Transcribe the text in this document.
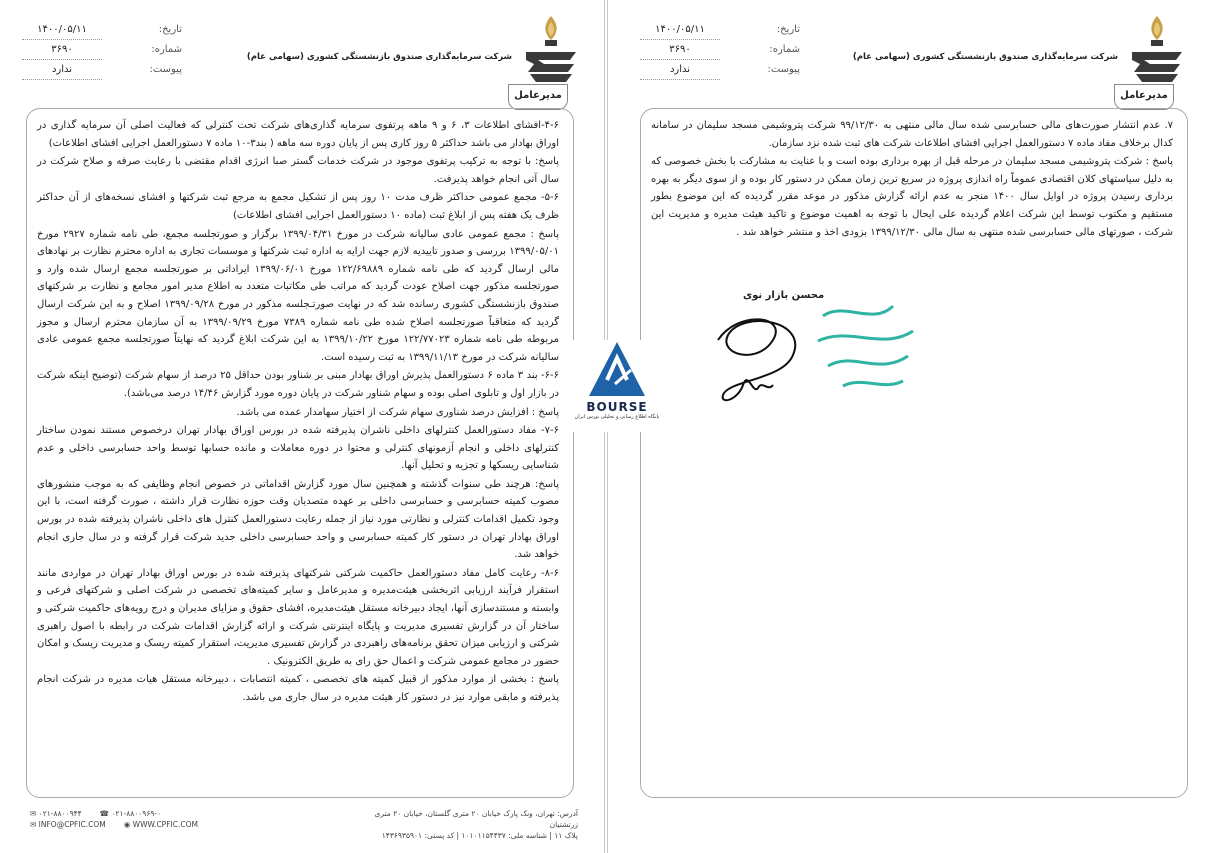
۱۴۰۰/۰۵/۱۱	تاریخ:
۳۶۹۰	شماره:
ندارد	پیوست:
شرکت سرمایه‌گذاری صندوق بازنشستگی کشوری (سهامی عام)
مدیرعامل

۴-۶-افشای اطلاعات ۳، ۶ و ۹ ماهه پرتفوی سرمایه گذاری‌های شرکت تحت کنترلی که فعالیت اصلی آن سرمایه گذاری در اوراق بهادار می باشد حداکثر ۵ روز کاری پس از پایان دوره سه ماهه ( بند۳-۱۰ ماده ۷ دستورالعمل اجرایی افشای اطلاعات)

پاسخ: با توجه به ترکیب پرتفوی موجود در شرکت خدمات گستر صبا انرژی اقدام مقتضی با رعایت صرفه و صلاح شرکت در سال آتی انجام خواهد پذیرفت.

۵-۶- مجمع عمومی حداکثر ظرف مدت ۱۰ روز پس از تشکیل مجمع به مرجع ثبت شرکتها و افشای نسخه‌های از آن حداکثر ظرف یک هفته پس از ابلاغ ثبت (ماده ۱۰ دستورالعمل اجرایی افشای اطلاعات)

پاسخ : مجمع عمومی عادی سالیانه شرکت در مورخ ۱۳۹۹/۰۴/۳۱ برگزار و صورتجلسه مجمع، طی نامه شماره ۲۹۲۷ مورخ ۱۳۹۹/۰۵/۰۱ بررسی و صدور تاییدیه لازم جهت ارایه به اداره ثبت شرکتها و موسسات تجاری به اداره محترم نظارت بر نهادهای مالی ارسال گردید که طی نامه شماره ۱۲۲/۶۹۸۸۹ مورخ ۱۳۹۹/۰۶/۰۱ ایراداتی بر صورتجلسه مجمع ارسال شده وارد و صورتجلسه مذکور جهت اصلاح عودت گردید که مراتب طی مکاتبات متعدد به اطلاع مدیر امور مجامع و نظارت بر شرکتهای صندوق بازنشستگی کشوری رسانده شد که در نهایت صورتـجلسه مذکور در مورخ ۱۳۹۹/۰۹/۲۸ اصلاح و به این شرکت ارسال گردید که متعاقباً صورتجلسه اصلاح شده طی نامه شماره ۷۳۸۹ مورخ ۱۳۹۹/۰۹/۲۹ به آن سازمان محترم ارسال و مجوز مربوطه طی نامه شماره ۱۲۲/۷۷۰۲۳ مورخ ۱۳۹۹/۱۰/۲۲ به این شرکت ابلاغ گردید که نهایتاً صورتجلسه مجمع عمومی عادی سالیانه شرکت در مورخ ۱۳۹۹/۱۱/۱۳ به ثبت رسیده است.

۶-۶- بند ۳ ماده ۶ دستورالعمل پذیرش اوراق بهادار مبنی بر شناور بودن حداقل ۲۵ درصد از سهام شرکت (توضیح اینکه شرکت در بازار اول و تابلوی اصلی بوده و سهام شناور شرکت در پایان دوره مورد گزارش ۱۴/۴۶ درصد می‌باشد).

پاسخ : افزایش درصد شناوری سهام شرکت از اختیار سهامدار عمده می باشد.

۷-۶- مفاد دستورالعمل کنترلهای داخلی ناشران پذیرفته شده در بورس اوراق بهادار تهران درخصوص مستند نمودن ساختار کنترلهای داخلی و انجام آزمونهای کنترلی و محتوا در دوره معاملات و مانده حسابها توسط واحد حسابرسی داخلی و عدم شناسایی ریسکها و تجزیه و تحلیل آنها.

پاسخ: هرچند طی سنوات گذشته و همچنین سال مورد گزارش اقداماتی در خصوص انجام وظایفی که به موجب منشورهای مصوب کمیته حسابرسی و حسابرسی داخلی بر عهده متصدیان وقت حوزه نظارت قرار داشته ، صورت گرفته است، با این وجود تکمیل اقدامات کنترلی و نظارتی مورد نیاز از جمله رعایت دستورالعمل کنترل های داخلی ناشران پذیرفته شده در بورس اوراق بهادار تهران در دستور کار کمیته حسابرسی و واحد حسابرسی داخلی جدید شرکت قرار گرفته و در سال جاری انجام خواهد شد.

۸-۶- رعایت کامل مفاد دستورالعمل حاکمیت شرکتی شرکتهای پذیرفته شده در بورس اوراق بهادار تهران در مواردی مانند استقرار فرآیند ارزیابی اثربخشی هیئت‌مدیره و مدیرعامل و سایر کمیته‌های تخصصی در شرکت اصلی و شرکتهای فرعی و وابسته و مستندسازی آنها، ایجاد دبیرخانه مستقل هیئت‌مدیره، افشای حقوق و مزایای مدیران و درج رویه‌های حاکمیت شرکتی و ساختار آن در گزارش تفسیری مدیریت و پایگاه اینترنتی شرکت و ارائه گزارش اقدامات شرکت در رابطه با اصول راهبری شرکتی و ارزیابی میزان تحقق برنامه‌های راهبردی در گزارش تفسیری مدیریت، استقرار کمیته ریسک و مدیریت ریسک و امکان حضور در مجامع عمومی شرکت و اعمال حق رای به طریق الکترونیک .

پاسخ : بخشی از موارد مذکور از قبیل کمیته های تخصصی ، کمیته انتصابات ، دبیرخانه مستقل هیات مدیره در شرکت انجام پذیرفته و مابقی موارد نیز در دستور کار هیئت مدیره در سال جاری می باشد.

آدرس: تهران، ونک پارک خیابان ۲۰ متری گلستان، خیابان ۲۰ متری زرتشتیان
پلاک ۱۱ | شناسه ملی: ۱۰۱۰۱۱۵۴۴۳۷ | کد پستی: ۱۴۳۶۹۳۵۹۰۱
✉ ۰۲۱-۸۸۰۰۹۴۴ ☎ ۰۲۱-۸۸۰۰۹۶۹-۰
✉ INFO@CPFIC.COM ◉ WWW.CPFIC.COM
۱۴۰۰/۰۵/۱۱	تاریخ:
۳۶۹۰	شماره:
ندارد	پیوست:
شرکت سرمایه‌گذاری صندوق بازنشستگی کشوری (سهامی عام)
مدیرعامل

۷. عدم انتشار صورت‌های مالی حسابرسی شده سال مالی منتهی به ۹۹/۱۲/۳۰ شرکت پتروشیمی مسجد سلیمان در سامانه کدال برخلاف مفاد ماده ۷ دستورالعمل اجرایی افشای اطلاعات شرکت های ثبت شده نزد سازمان.

پاسخ : شرکت پتروشیمی مسجد سلیمان در مرحله قبل از بهره برداری بوده است و با عنایت به مشارکت با بخش خصوصی که به دلیل سیاستهای کلان اقتصادی عموماً راه اندازی پروژه در سریع ترین زمان ممکن در دستور کار بوده و از سوی دیگر به بهره برداری رسیدن پروژه در اوایل سال ۱۴۰۰ منجر به عدم ارائه گزارش مذکور در موعد مقرر گردیده که این موضوع بطور مستقیم و مکتوب توسط این شرکت اعلام گردیده علی ایحال با توجه به اهمیت موضوع و تاکید هیئت مدیره و مدیریت این شرکت ، صورتهای مالی حسابرسی شده منتهی به سال مالی ۱۳۹۹/۱۲/۳۰ بزودی اخذ و منتشر خواهد شد .

محسن بازار نوی
BOURSE
پایگاه اطلاع رسانی و تحلیلی بورس ایران
